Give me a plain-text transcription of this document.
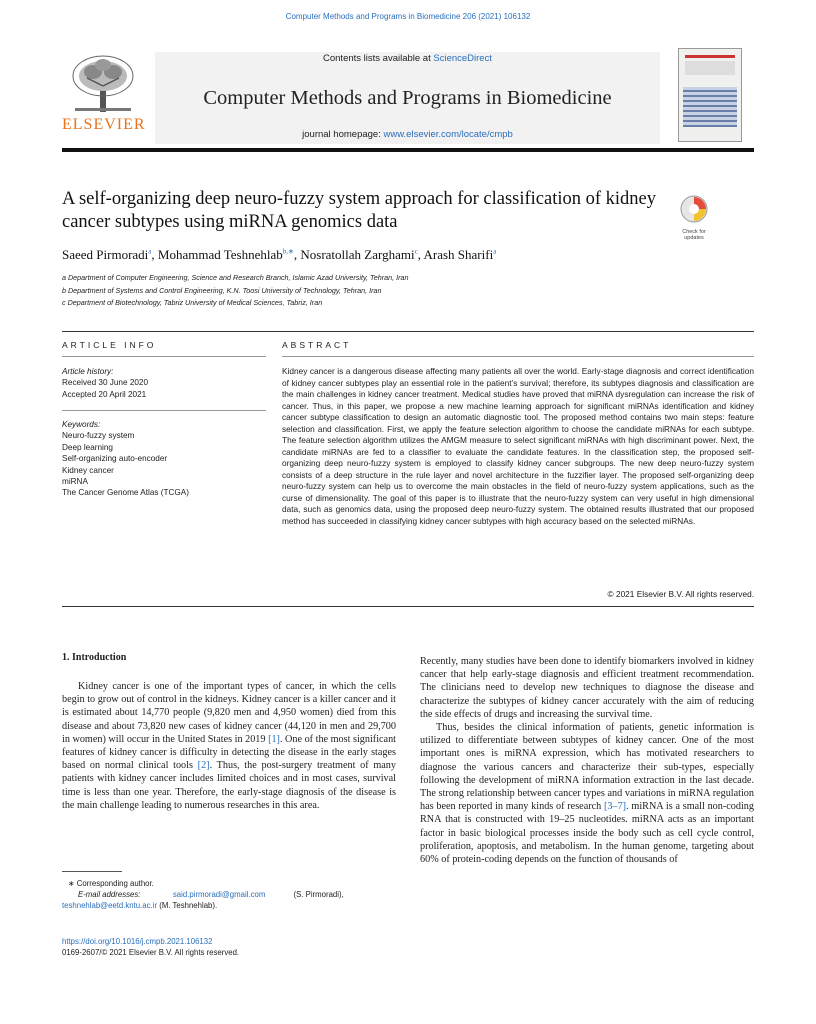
Computer Methods and Programs in Biomedicine 206 (2021) 106132
ELSEVIER
Contents lists available at ScienceDirect
Computer Methods and Programs in Biomedicine
journal homepage: www.elsevier.com/locate/cmpb
A self-organizing deep neuro-fuzzy system approach for classification of kidney cancer subtypes using miRNA genomics data	Check for updates
Saeed Pirmoradi$^a$, Mohammad Teshnehlab$^{b,∗}$, Nosratollah Zarghami$^c$, Arash Sharifi$^a$
a Department of Computer Engineering, Science and Research Branch, Islamic Azad University, Tehran, Iran
b Department of Systems and Control Engineering, K.N. Toosi University of Technology, Tehran, Iran
c Department of Biotechnology, Tabriz University of Medical Sciences, Tabriz, Iran
ARTICLE INFO	ABSTRACT
Article history:
Received 30 June 2020
Accepted 20 April 2021
Keywords:
Neuro-fuzzy system
Deep learning
Self-organizing auto-encoder
Kidney cancer
miRNA
The Cancer Genome Atlas (TCGA)
Kidney cancer is a dangerous disease affecting many patients all over the world. Early-stage diagnosis and correct identification of kidney cancer subtypes play an essential role in the patient’s survival; therefore, its subtypes diagnosis and classification are the main challenges in kidney cancer treatment. Medical studies have proved that miRNA dysregulation can increase the risk of cancer. Thus, in this paper, we propose a new machine learning approach for significant miRNAs identification and kidney cancer subtype classification to design an automatic diagnostic tool. The proposed method contains two main steps: feature selection and classification. First, we apply the feature selection algorithm to choose the candidate miRNAs for each subtype. The feature selection algorithm utilizes the AMGM measure to select significant miRNAs with high discriminant power. Next, the candidate miRNAs are fed to a classifier to evaluate the candidate features. In the classification step, the proposed self-organizing deep neuro-fuzzy system is employed to classify kidney cancer subgroups. The new deep neuro-fuzzy system consists of a deep structure in the rule layer and novel architecture in the fuzzifier layer. The proposed self-organizing deep neuro-fuzzy system can help us to overcome the main obstacles in the field of neuro-fuzzy system applications, such as the curse of dimensionality. The goal of this paper is to illustrate that the neuro-fuzzy system can very useful in high dimensional data, such as genomics data, using the proposed deep neuro-fuzzy system. The obtained results illustrated that our proposed method has succeeded in classifying kidney cancer subtypes with high accuracy based on the selected miRNAs.
© 2021 Elsevier B.V. All rights reserved.
1. Introduction

Kidney cancer is one of the important types of cancer, in which the cells begin to grow out of control in the kidneys. Kidney cancer is a killer cancer and it is estimated about 14,770 people (9,820 men and 4,950 women) died from this disease and about 73,820 new cases of kidney cancer (44,120 in men and 29,700 in women) will occur in the United States in 2019 [1]. One of the most significant features of kidney cancer is difficulty in detecting the disease in the early stages based on normal clinical tools [2]. Thus, the post-surgery treatment of many patients with kidney cancer includes limited choices and in most cases, survival time is less than one year. Therefore, the early-stage diagnosis of the disease is the main challenge leading to numerous researches in this area.

Recently, many studies have been done to identify biomarkers involved in kidney cancer that help early-stage diagnosis and efficient treatment recommendation. The clinicians need to develop new techniques to diagnose the disease and characterize the subtypes of kidney cancer accurately with the aim of reducing the side effects of drugs and increasing the survival time.

Thus, besides the clinical information of patients, genetic information is utilized to differentiate between subtypes of kidney cancer. One of the most important ones is miRNA expression, which has motivated researchers to diagnose the various cancers and characterize their sub-types, especially following the development of miRNA information extraction in the last decade. The strong relationship between cancer types and variations in miRNA regulation has been reported in many kinds of research [3–7]. miRNA is a small non-coding RNA that is constructed with 19–25 nucleotides. miRNA acts as an important factor in basic biological processes inside the body such as cell cycle control, proliferation, apoptosis, and metabolism. In the human genome, targeting about 60% of protein-coding depends on the function of thousands of

∗ Corresponding author.
E-mail addresses:	said.pirmoradi@gmail.com	(S. Pirmoradi),
teshnehlab@eetd.kntu.ac.ir (M. Teshnehlab).
https://doi.org/10.1016/j.cmpb.2021.106132
0169-2607/© 2021 Elsevier B.V. All rights reserved.
